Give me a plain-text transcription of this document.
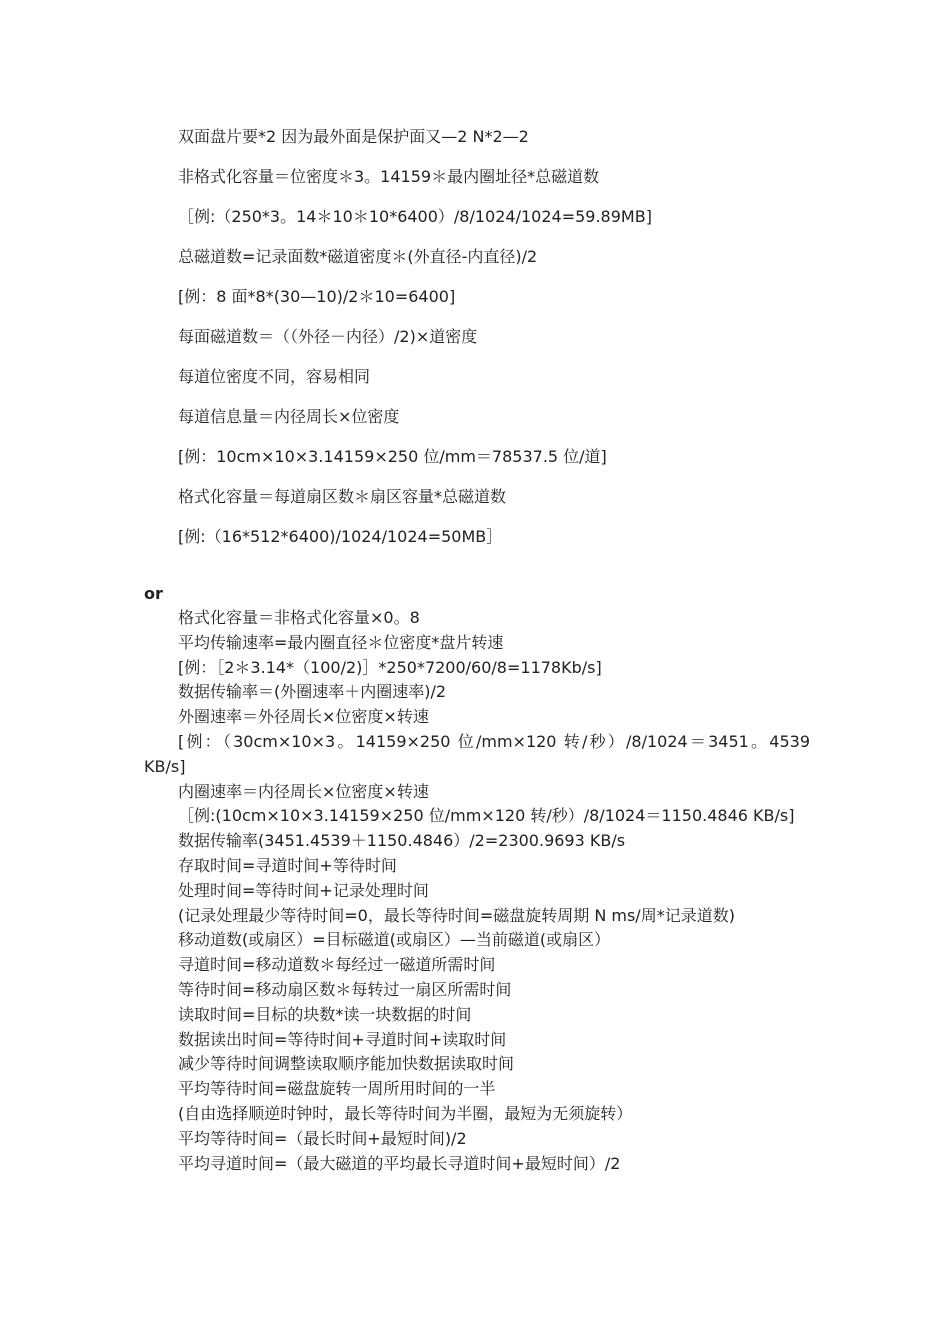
双面盘片要*2 因为最外面是保护面又—2 N*2—2

非格式化容量＝位密度＊3。14159＊最内圈址径*总磁道数

［例:（250*3。14＊10＊10*6400）/8/1024/1024=59.89MB]

总磁道数=记录面数*磁道密度＊(外直径-内直径)/2

[例：8 面*8*(30—10)/2＊10=6400]

每面磁道数＝（（外径－内径）/2)×道密度

每道位密度不同，容易相同

每道信息量＝内径周长×位密度

[例：10cm×10×3.14159×250 位/mm＝78537.5 位/道]

格式化容量＝每道扇区数＊扇区容量*总磁道数

[例:（16*512*6400)/1024/1024=50MB］

or

格式化容量＝非格式化容量×0。8

平均传输速率=最内圈直径＊位密度*盘片转速

[例：［2＊3.14*（100/2)］*250*7200/60/8=1178Kb/s]

数据传输率＝(外圈速率＋内圈速率)/2

外圈速率＝外径周长×位密度×转速

[例：（30cm×10×3。14159×250 位/mm×120 转/秒）/8/1024＝3451。4539 KB/s]

内圈速率＝内径周长×位密度×转速

［例:(10cm×10×3.14159×250 位/mm×120 转/秒）/8/1024＝1150.4846 KB/s]

数据传输率(3451.4539＋1150.4846）/2=2300.9693 KB/s

存取时间=寻道时间+等待时间

处理时间=等待时间+记录处理时间

(记录处理最少等待时间=0，最长等待时间=磁盘旋转周期 N ms/周*记录道数)

移动道数(或扇区）=目标磁道(或扇区）—当前磁道(或扇区）

寻道时间=移动道数＊每经过一磁道所需时间

等待时间=移动扇区数＊每转过一扇区所需时间

读取时间=目标的块数*读一块数据的时间

数据读出时间=等待时间+寻道时间+读取时间

减少等待时间调整读取顺序能加快数据读取时间

平均等待时间=磁盘旋转一周所用时间的一半

(自由选择顺逆时钟时，最长等待时间为半圈，最短为无须旋转）

平均等待时间=（最长时间+最短时间)/2

平均寻道时间=（最大磁道的平均最长寻道时间+最短时间）/2
